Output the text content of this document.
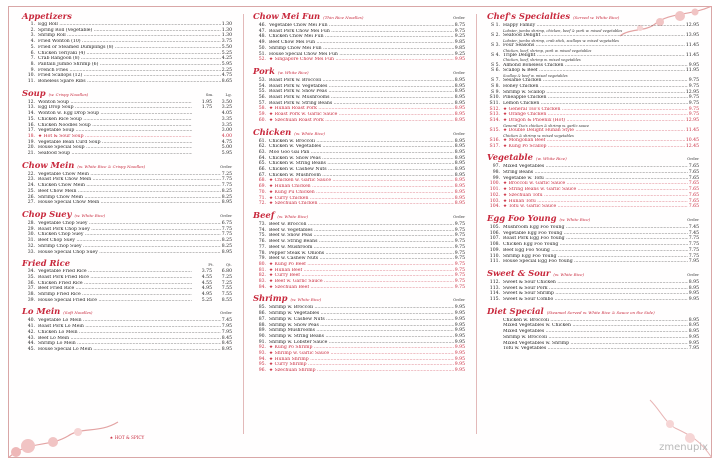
Appetizers
1. Egg Roll .....	1.30
2. Spring Roll (Vegetable) .....	1.30
3. Shrimp Roll .....	1.30
4. Fried Wonton (10) .....	3.75
5. Fried or Steamed Dumplings (8) .....	5.50
6. Chicken Teriyaki (4) .....	5.25
7. Crab Rangoon (8) .....	4.25
8. Pantalli Jumbo Shrimp (6) .....	5.95
9. French Fries .....	2.25
10. Fried Scallops (12) .....	4.75
11. Boneless Spare Ribs .....	8.65
Soup (w. Crispy Noodles)	Sm.	Lg.
12. Wonton Soup .....	1.95	3.50
13. Egg Drop Soup .....	1.75	3.25
14. Wonton w. Egg Drop Soup .....	4.05
15. Chicken Rice Soup .....	3.35
16. Chicken Noodles Soup .....	3.35
17. Vegetable Soup .....	3.00
18. ★ Hot & Sour Soup .....	4.00
19. Vegetable Bean Curd Soup .....	4.75
20. House Special Soup .....	5.00
21. Seafood Soup .....	5.95
Chow Mein (w. White Rice & Crispy Noodles)	Order
22. Vegetable Chow Mein .....	7.25
23. Roast Pork Chow Mein .....	7.75
24. Chicken Chow Mein .....	7.75
25. Beef Chow Mein .....	8.25
26. Shrimp Chow Mein .....	8.25
27. House Special Chow Mein .....	8.95
Chop Suey (w. White Rice)	Order
28. Vegetable Chop Suey .....	6.75
29. Roast Pork Chop Suey .....	7.75
30. Chicken Chop Suey .....	7.75
31. Beef Chop Suey .....	8.25
32. Shrimp Chop Suey .....	8.25
33. House Special Chop Suey .....	8.95
Fried Rice	Pt.	Qt.
34. Vegetable Fried Rice .....	3.75	6.80
35. Roast Pork Fried Rice .....	4.55	7.25
36. Chicken Fried Rice .....	4.55	7.25
37. Beef Fried Rice .....	4.95	7.55
38. Shrimp Fried Rice .....	4.95	7.55
39. House Special Fried Rice .....	5.25	8.55
Lo Mein (Soft Noodles)	Order
40. Vegetable Lo Mein .....	7.45
41. Roast Pork Lo Mein .....	7.95
42. Chicken Lo Mein .....	7.95
43. Beef Lo Mein .....	8.45
44. Shrimp Lo Mein .....	8.45
45. House Special Lo Mein .....	8.95
Chow Mei Fun (Thin Rice Noodles)	Order
46. Vegetable Chow Mei Fun .....	8.75
47. Roast Pork Chow Mei Fun .....	9.75
48. Chicken Chow Mei Fun .....	9.25
49. Beef Chow Mei Fun .....	9.85
50. Shrimp Chow Mei Fun .....	9.85
51. House Special Chow Mei Fun .....	9.25
52. ★ Singapore Chow Mei Fun .....	9.95
Pork (w. White Rice)	Order
53. Roast Pork w. Broccoli .....	8.95
54. Roast Pork w. Vegetables .....	8.95
55. Roast Pork w. Snow Peas .....	8.95
56. Roast Pork w. Mushrooms .....	8.95
57. Roast Pork w. String Beans .....	8.95
58. ★ Hunan Roast Pork .....	8.95
59. ★ Roast Pork w. Garlic Sauce .....	8.95
60. ★ Szechuan Roast Pork .....	8.95
Chicken (w. White Rice)	Order
61. Chicken w. Broccoli .....	8.95
62. Chicken w. Vegetables .....	8.95
63. Moo Goo Gai Pan .....	8.95
64. Chicken w. Snow Peas .....	8.95
65. Chicken w. String Beans .....	8.95
66. Chicken w. Cashew Nuts .....	8.95
67. Chicken w. Mushroom .....	8.95
68. ★ Chicken w. Garlic Sauce .....	8.95
69. ★ Hunan Chicken .....	8.95
70. ★ Kung Pu Chicken .....	8.95
71. ★ Curry Chicken .....	8.95
72. ★ Szechuan Chicken .....	8.95
Beef (w. White Rice)	Order
73. Beef w. Broccoli .....	9.75
74. Beef w. Vegetables .....	9.75
75. Beef w. Snow Peas .....	9.75
76. Beef w. String Beans .....	9.75
77. Beef w. Mushroom .....	9.75
78. Pepper Steak w. Onions .....	9.75
79. Beef w. Cashew Nuts .....	9.75
80. ★ Kung Po Beef .....	9.75
81. ★ Hunan Beef .....	9.75
82. ★ Curry Beef .....	9.75
83. ★ Beef w. Garlic Sauce .....	9.75
84. ★ Szechuan Beef .....	9.75
Shrimp (w. White Rice)	Order
85. Shrimp w. Broccoli .....	9.95
86. Shrimp w. Vegetables .....	9.95
87. Shrimp w. Cashew Nuts .....	9.95
88. Shrimp w. Snow Peas .....	9.95
89. Shrimp Mushrooms .....	9.95
90. Shrimp w. String Beans .....	9.95
91. Shrimp w. Lobster Sauce .....	9.95
92. ★ Kung Po Shrimp .....	9.95
93. ★ Shrimp w. Garlic Sauce .....	9.95
94. ★ Hunan Shrimp .....	9.95
95. ★ Curry Shrimp .....	9.95
96. ★ Szechuan Shrimp .....	9.95
Chef's Specialties (Served w. White Rice)
S 1. Happy Family .....	12.95
Lobster, jumbo shrimp, chicken, beef & pork w. mixed vegetables
S 2. Seafood Delight .....	13.95
Lobster, jumbo shrimp, crab stick, scallops w. mixed vegetables
S 3. Four Seasons .....	11.45
Chicken, beef, shrimp, pork w. mixed vegetables
S 4. Triple Delight .....	11.45
Chicken, beef, shrimp w. mixed vegetables
S 5. Almond Boneless Chicken .....	9.95
S 6. Scallop & Beef .....	11.95
Scallop & beef w. mixed vegetables
S 7. Sesame Chicken .....	9.75
S 8. Honey Chicken .....	9.75
S 9. Shrimp w. Scallop .....	12.95
S10. Pineapple Chicken .....	9.75
S11. Lemon Chicken .....	9.75
S12. ★ General Tso's Chicken .....	9.75
S13. ★ Orange Chicken .....	9.75
S14. ★ Dragon & Phoenix (Hot) .....	12.95
General Tso's chicken & shrimp w. garlic sauce
S15. ★ Double Delight Hunan Style .....	11.45
Chicken & shrimp w. mixed vegetables
S16. ★ Mongolian Beef .....	10.45
S17. ★ Kung Po Scallop .....	12.45
Vegetable (w. White Rice)	Order
97. Mixed Vegetables .....	7.65
98. String Beans .....	7.65
99. Vegetable w. Tofu .....	7.65
100. ★ Broccoli w. Garlic Sauce .....	7.65
101. ★ String Beans w. Garlic Sauce .....	7.65
102. ★ Szechuan Tofu .....	7.65
103. ★ Hunan Tofu .....	7.65
104. ★ Tofu w. Garlic Sauce .....	7.65
Egg Foo Young (w. White Rice)	Order
105. Mushroom Egg Foo Young .....	7.45
106. Vegetable Egg Foo Young .....	7.45
107. Roast Pork Egg Foo Young .....	7.75
108. Chicken Egg Foo Young .....	7.75
109. Beef Egg Foo Young .....	7.75
110. Shrimp Egg Foo Young .....	7.75
111. House Special Egg Foo Young .....	7.95
Sweet & Sour (w. White Rice)	Order
112. Sweet & Sour Chicken .....	8.95
113. Sweet & Sour Pork .....	8.95
114. Sweet & Sour Shrimp .....	9.95
115. Sweet & Sour Combo .....	9.95
Diet Special (Steamed Served w. White Rice & Sauce on the Side)
Chicken w. Broccoli .....	8.95
Mixed Vegetables w. Chicken .....	8.95
Mixed Vegetables .....	8.95
Shrimp w. Broccoli .....	9.95
Mixed Vegetables w. Shrimp .....	9.95
Tofu w. Vegetables .....	7.95
★ HOT & SPICY
zmenupix
